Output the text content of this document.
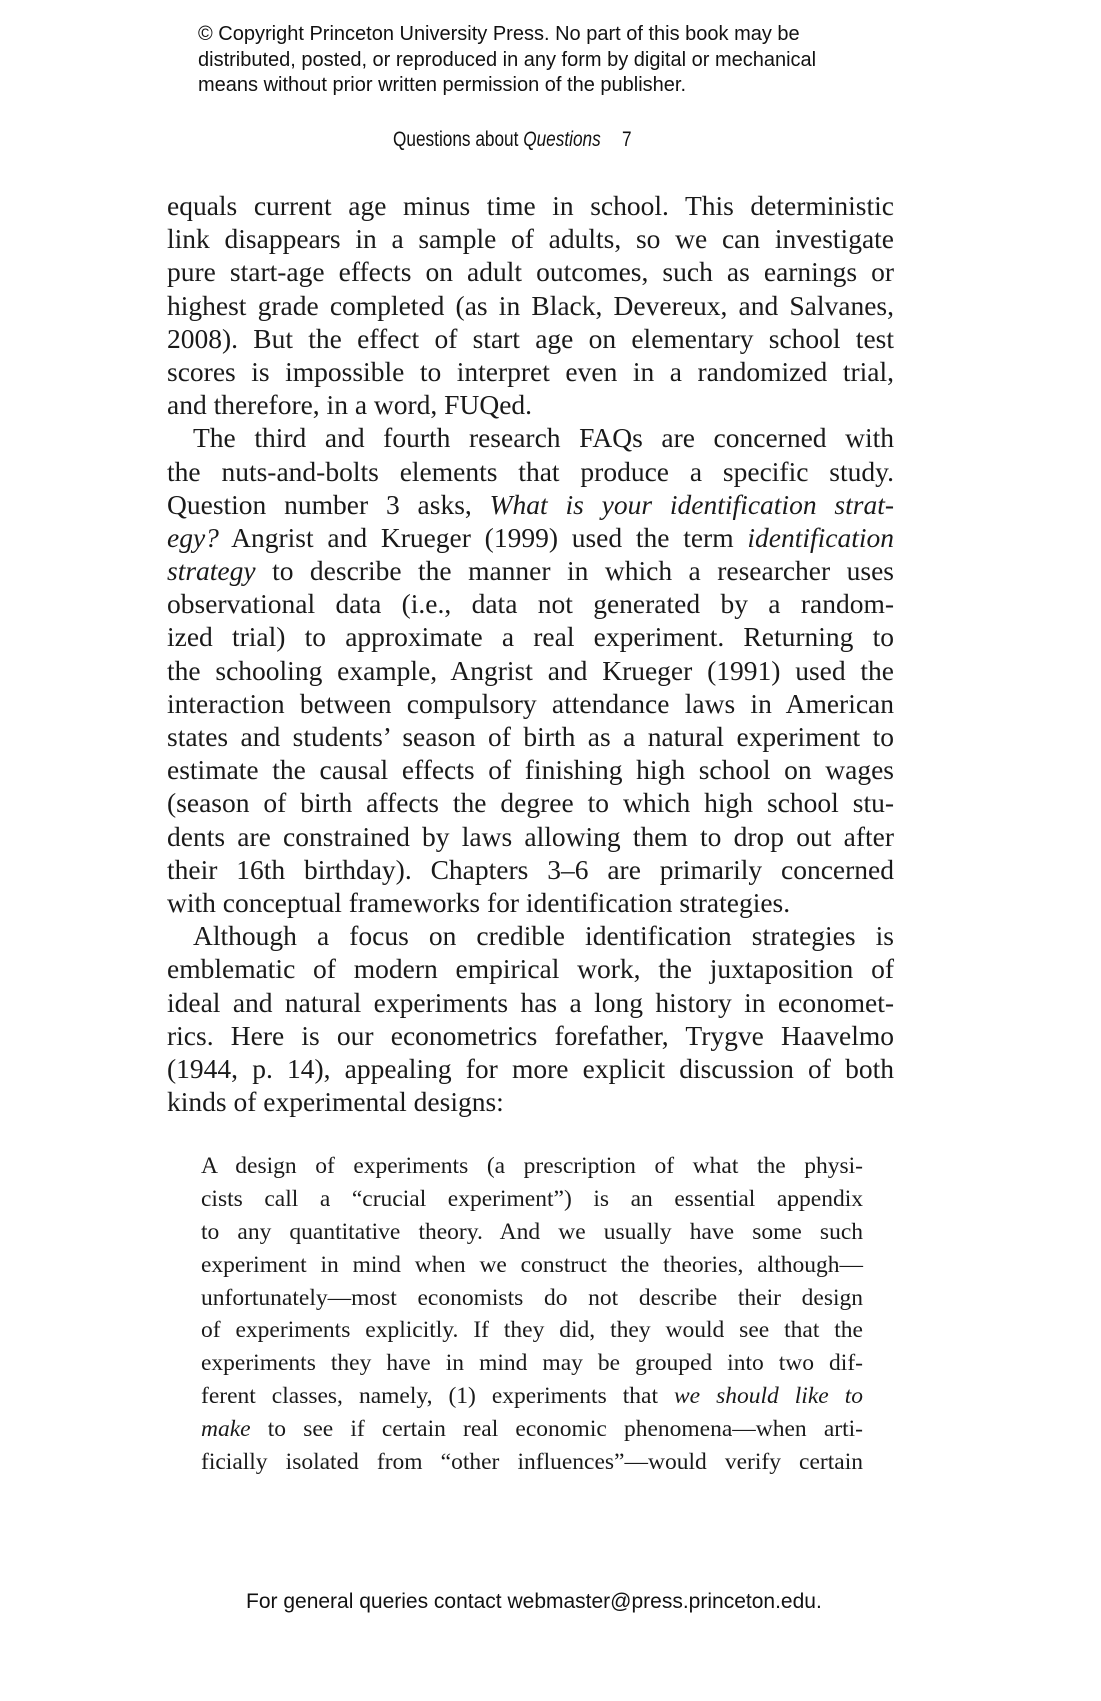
© Copyright Princeton University Press. No part of this book may be
distributed, posted, or reproduced in any form by digital or mechanical
means without prior written permission of the publisher.
Questions about Questions 7
equals current age minus time in school. This deterministic
link disappears in a sample of adults, so we can investigate
pure start-age effects on adult outcomes, such as earnings or
highest grade completed (as in Black, Devereux, and Salvanes,
2008). But the effect of start age on elementary school test
scores is impossible to interpret even in a randomized trial,
and therefore, in a word, FUQed.
The third and fourth research FAQs are concerned with
the nuts-and-bolts elements that produce a specific study.
Question number 3 asks, What is your identification strat-
egy? Angrist and Krueger (1999) used the term identification
strategy to describe the manner in which a researcher uses
observational data (i.e., data not generated by a random-
ized trial) to approximate a real experiment. Returning to
the schooling example, Angrist and Krueger (1991) used the
interaction between compulsory attendance laws in American
states and students’ season of birth as a natural experiment to
estimate the causal effects of finishing high school on wages
(season of birth affects the degree to which high school stu-
dents are constrained by laws allowing them to drop out after
their 16th birthday). Chapters 3–6 are primarily concerned
with conceptual frameworks for identification strategies.
Although a focus on credible identification strategies is
emblematic of modern empirical work, the juxtaposition of
ideal and natural experiments has a long history in economet-
rics. Here is our econometrics forefather, Trygve Haavelmo
(1944, p. 14), appealing for more explicit discussion of both
kinds of experimental designs:
A design of experiments (a prescription of what the physi-
cists call a “crucial experiment”) is an essential appendix
to any quantitative theory. And we usually have some such
experiment in mind when we construct the theories, although—
unfortunately—most economists do not describe their design
of experiments explicitly. If they did, they would see that the
experiments they have in mind may be grouped into two dif-
ferent classes, namely, (1) experiments that we should like to
make to see if certain real economic phenomena—when arti-
ficially isolated from “other influences”—would verify certain
For general queries contact webmaster@press.princeton.edu.
